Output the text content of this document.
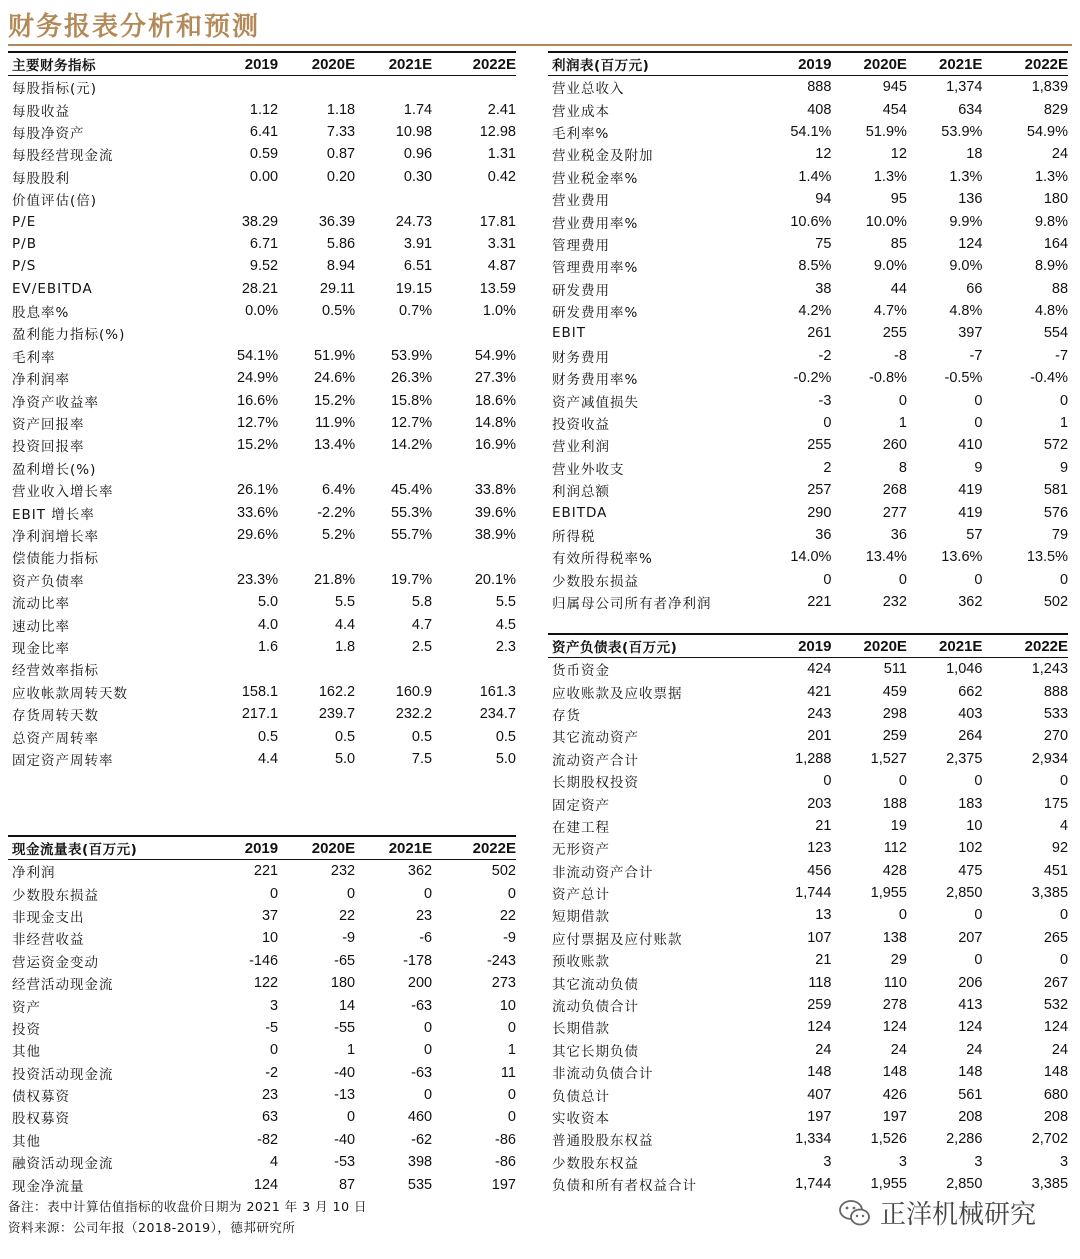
财务报表分析和预测
主要财务指标	2019	2020E	2021E	2022E
每股指标(元)
每股收益	1.12	1.18	1.74	2.41
每股净资产	6.41	7.33	10.98	12.98
每股经营现金流	0.59	0.87	0.96	1.31
每股股利	0.00	0.20	0.30	0.42
价值评估(倍)
P/E	38.29	36.39	24.73	17.81
P/B	6.71	5.86	3.91	3.31
P/S	9.52	8.94	6.51	4.87
EV/EBITDA	28.21	29.11	19.15	13.59
股息率%	0.0%	0.5%	0.7%	1.0%
盈利能力指标(%)
毛利率	54.1%	51.9%	53.9%	54.9%
净利润率	24.9%	24.6%	26.3%	27.3%
净资产收益率	16.6%	15.2%	15.8%	18.6%
资产回报率	12.7%	11.9%	12.7%	14.8%
投资回报率	15.2%	13.4%	14.2%	16.9%
盈利增长(%)
营业收入增长率	26.1%	6.4%	45.4%	33.8%
EBIT 增长率	33.6%	-2.2%	55.3%	39.6%
净利润增长率	29.6%	5.2%	55.7%	38.9%
偿债能力指标
资产负债率	23.3%	21.8%	19.7%	20.1%
流动比率	5.0	5.5	5.8	5.5
速动比率	4.0	4.4	4.7	4.5
现金比率	1.6	1.8	2.5	2.3
经营效率指标
应收帐款周转天数	158.1	162.2	160.9	161.3
存货周转天数	217.1	239.7	232.2	234.7
总资产周转率	0.5	0.5	0.5	0.5
固定资产周转率	4.4	5.0	7.5	5.0
现金流量表(百万元)	2019	2020E	2021E	2022E
净利润	221	232	362	502
少数股东损益	0	0	0	0
非现金支出	37	22	23	22
非经营收益	10	-9	-6	-9
营运资金变动	-146	-65	-178	-243
经营活动现金流	122	180	200	273
资产	3	14	-63	10
投资	-5	-55	0	0
其他	0	1	0	1
投资活动现金流	-2	-40	-63	11
债权募资	23	-13	0	0
股权募资	63	0	460	0
其他	-82	-40	-62	-86
融资活动现金流	4	-53	398	-86
现金净流量	124	87	535	197
利润表(百万元)	2019	2020E	2021E	2022E
营业总收入	888	945	1,374	1,839
营业成本	408	454	634	829
毛利率%	54.1%	51.9%	53.9%	54.9%
营业税金及附加	12	12	18	24
营业税金率%	1.4%	1.3%	1.3%	1.3%
营业费用	94	95	136	180
营业费用率%	10.6%	10.0%	9.9%	9.8%
管理费用	75	85	124	164
管理费用率%	8.5%	9.0%	9.0%	8.9%
研发费用	38	44	66	88
研发费用率%	4.2%	4.7%	4.8%	4.8%
EBIT	261	255	397	554
财务费用	-2	-8	-7	-7
财务费用率%	-0.2%	-0.8%	-0.5%	-0.4%
资产减值损失	-3	0	0	0
投资收益	0	1	0	1
营业利润	255	260	410	572
营业外收支	2	8	9	9
利润总额	257	268	419	581
EBITDA	290	277	419	576
所得税	36	36	57	79
有效所得税率%	14.0%	13.4%	13.6%	13.5%
少数股东损益	0	0	0	0
归属母公司所有者净利润	221	232	362	502
资产负债表(百万元)	2019	2020E	2021E	2022E
货币资金	424	511	1,046	1,243
应收账款及应收票据	421	459	662	888
存货	243	298	403	533
其它流动资产	201	259	264	270
流动资产合计	1,288	1,527	2,375	2,934
长期股权投资	0	0	0	0
固定资产	203	188	183	175
在建工程	21	19	10	4
无形资产	123	112	102	92
非流动资产合计	456	428	475	451
资产总计	1,744	1,955	2,850	3,385
短期借款	13	0	0	0
应付票据及应付账款	107	138	207	265
预收账款	21	29	0	0
其它流动负债	118	110	206	267
流动负债合计	259	278	413	532
长期借款	124	124	124	124
其它长期负债	24	24	24	24
非流动负债合计	148	148	148	148
负债总计	407	426	561	680
实收资本	197	197	208	208
普通股股东权益	1,334	1,526	2,286	2,702
少数股东权益	3	3	3	3
负债和所有者权益合计	1,744	1,955	2,850	3,385
备注：表中计算估值指标的收盘价日期为 2021 年 3 月 10 日
资料来源：公司年报（2018-2019），德邦研究所	正洋机械研究
